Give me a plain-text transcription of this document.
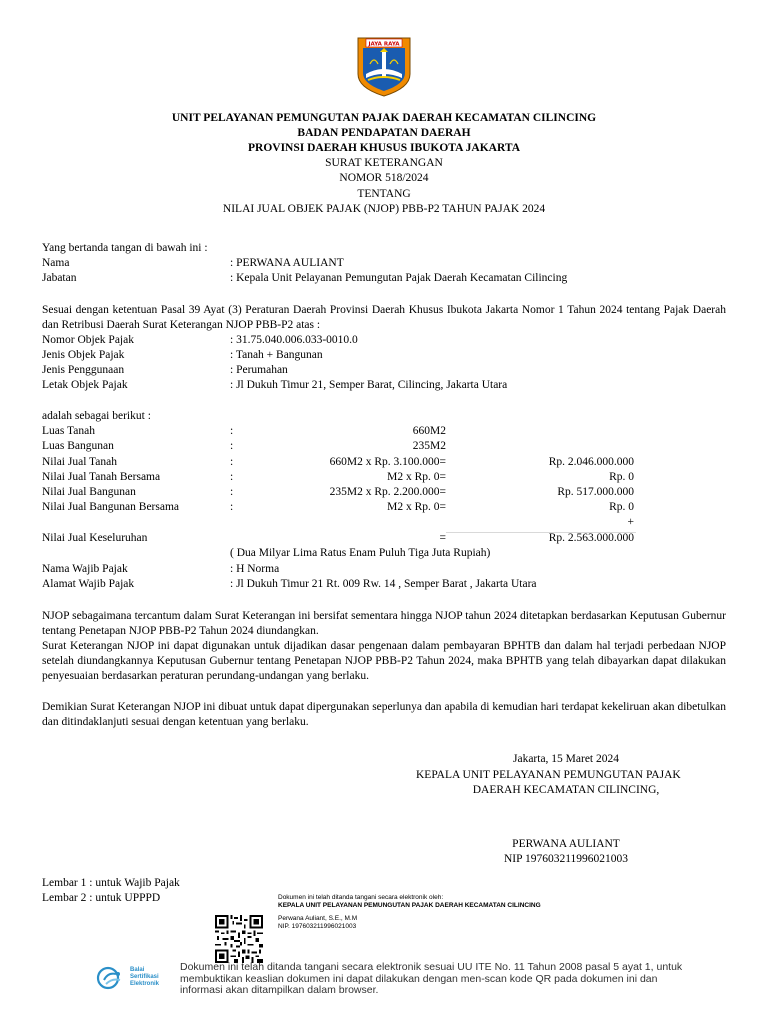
JAYA RAYA
UNIT PELAYANAN PEMUNGUTAN PAJAK DAERAH KECAMATAN CILINCING
BADAN PENDAPATAN DAERAH
PROVINSI DAERAH KHUSUS IBUKOTA JAKARTA
SURAT KETERANGAN
NOMOR 518/2024
TENTANG
NILAI JUAL OBJEK PAJAK (NJOP) PBB-P2 TAHUN PAJAK 2024
Yang bertanda tangan di bawah ini :
Nama	: PERWANA AULIANT
Jabatan	: Kepala Unit Pelayanan Pemungutan Pajak Daerah Kecamatan Cilincing
Sesuai dengan ketentuan Pasal 39 Ayat (3) Peraturan Daerah Provinsi Daerah Khusus Ibukota Jakarta Nomor 1 Tahun 2024 tentang Pajak Daerah dan Retribusi Daerah Surat Keterangan NJOP PBB-P2 atas :
Nomor Objek Pajak	: 31.75.040.006.033-0010.0
Jenis Objek Pajak	: Tanah + Bangunan
Jenis Penggunaan	: Perumahan
Letak Objek Pajak	: Jl Dukuh Timur 21, Semper Barat, Cilincing, Jakarta Utara
adalah sebagai berikut :
Luas Tanah	:	660M2
Luas Bangunan	:	235M2
Nilai Jual Tanah	:	660M2 x Rp. 3.100.000=	Rp. 2.046.000.000
Nilai Jual Tanah Bersama	:	M2 x Rp. 0=	Rp. 0
Nilai Jual Bangunan	:	235M2 x Rp. 2.200.000=	Rp. 517.000.000
Nilai Jual Bangunan Bersama	:	M2 x Rp. 0=	Rp. 0
+
Nilai Jual Keseluruhan	=	Rp. 2.563.000.000
( Dua Milyar Lima Ratus Enam Puluh Tiga Juta Rupiah)
Nama Wajib Pajak	: H Norma
Alamat Wajib Pajak	: Jl Dukuh Timur 21 Rt. 009 Rw. 14 , Semper Barat , Jakarta Utara
NJOP sebagaimana tercantum dalam Surat Keterangan ini bersifat sementara hingga NJOP tahun 2024 ditetapkan berdasarkan Keputusan Gubernur tentang Penetapan NJOP PBB-P2 Tahun 2024 diundangkan.
Surat Keterangan NJOP ini dapat digunakan untuk dijadikan dasar pengenaan dalam pembayaran BPHTB dan dalam hal terjadi perbedaan NJOP setelah diundangkannya Keputusan Gubernur tentang Penetapan NJOP PBB-P2 Tahun 2024, maka BPHTB yang telah dibayarkan dapat dilakukan penyesuaian berdasarkan peraturan perundang-undangan yang berlaku.
Demikian Surat Keterangan NJOP ini dibuat untuk dapat dipergunakan seperlunya dan apabila di kemudian hari terdapat kekeliruan akan dibetulkan dan ditindaklanjuti sesuai dengan ketentuan yang berlaku.
Jakarta, 15 Maret 2024
KEPALA UNIT PELAYANAN PEMUNGUTAN PAJAK
DAERAH KECAMATAN CILINCING,
PERWANA AULIANT
NIP 197603211996021003
Lembar 1 : untuk Wajib Pajak
Lembar 2 : untuk UPPPD	Dokumen ini telah ditanda tangani secara elektronik oleh:
KEPALA UNIT PELAYANAN PEMUNGUTAN PAJAK DAERAH KECAMATAN CILINCING
Perwana Auliant, S.E., M.M
NIP. 197603211996021003
Balai
Sertifikasi
Elektronik
Dokumen ini telah ditanda tangani secara elektronik sesuai UU ITE No. 11 Tahun 2008 pasal 5 ayat 1, untuk membuktikan keaslian dokumen ini dapat dilakukan dengan men-scan kode QR pada dokumen ini dan informasi akan ditampilkan dalam browser.
